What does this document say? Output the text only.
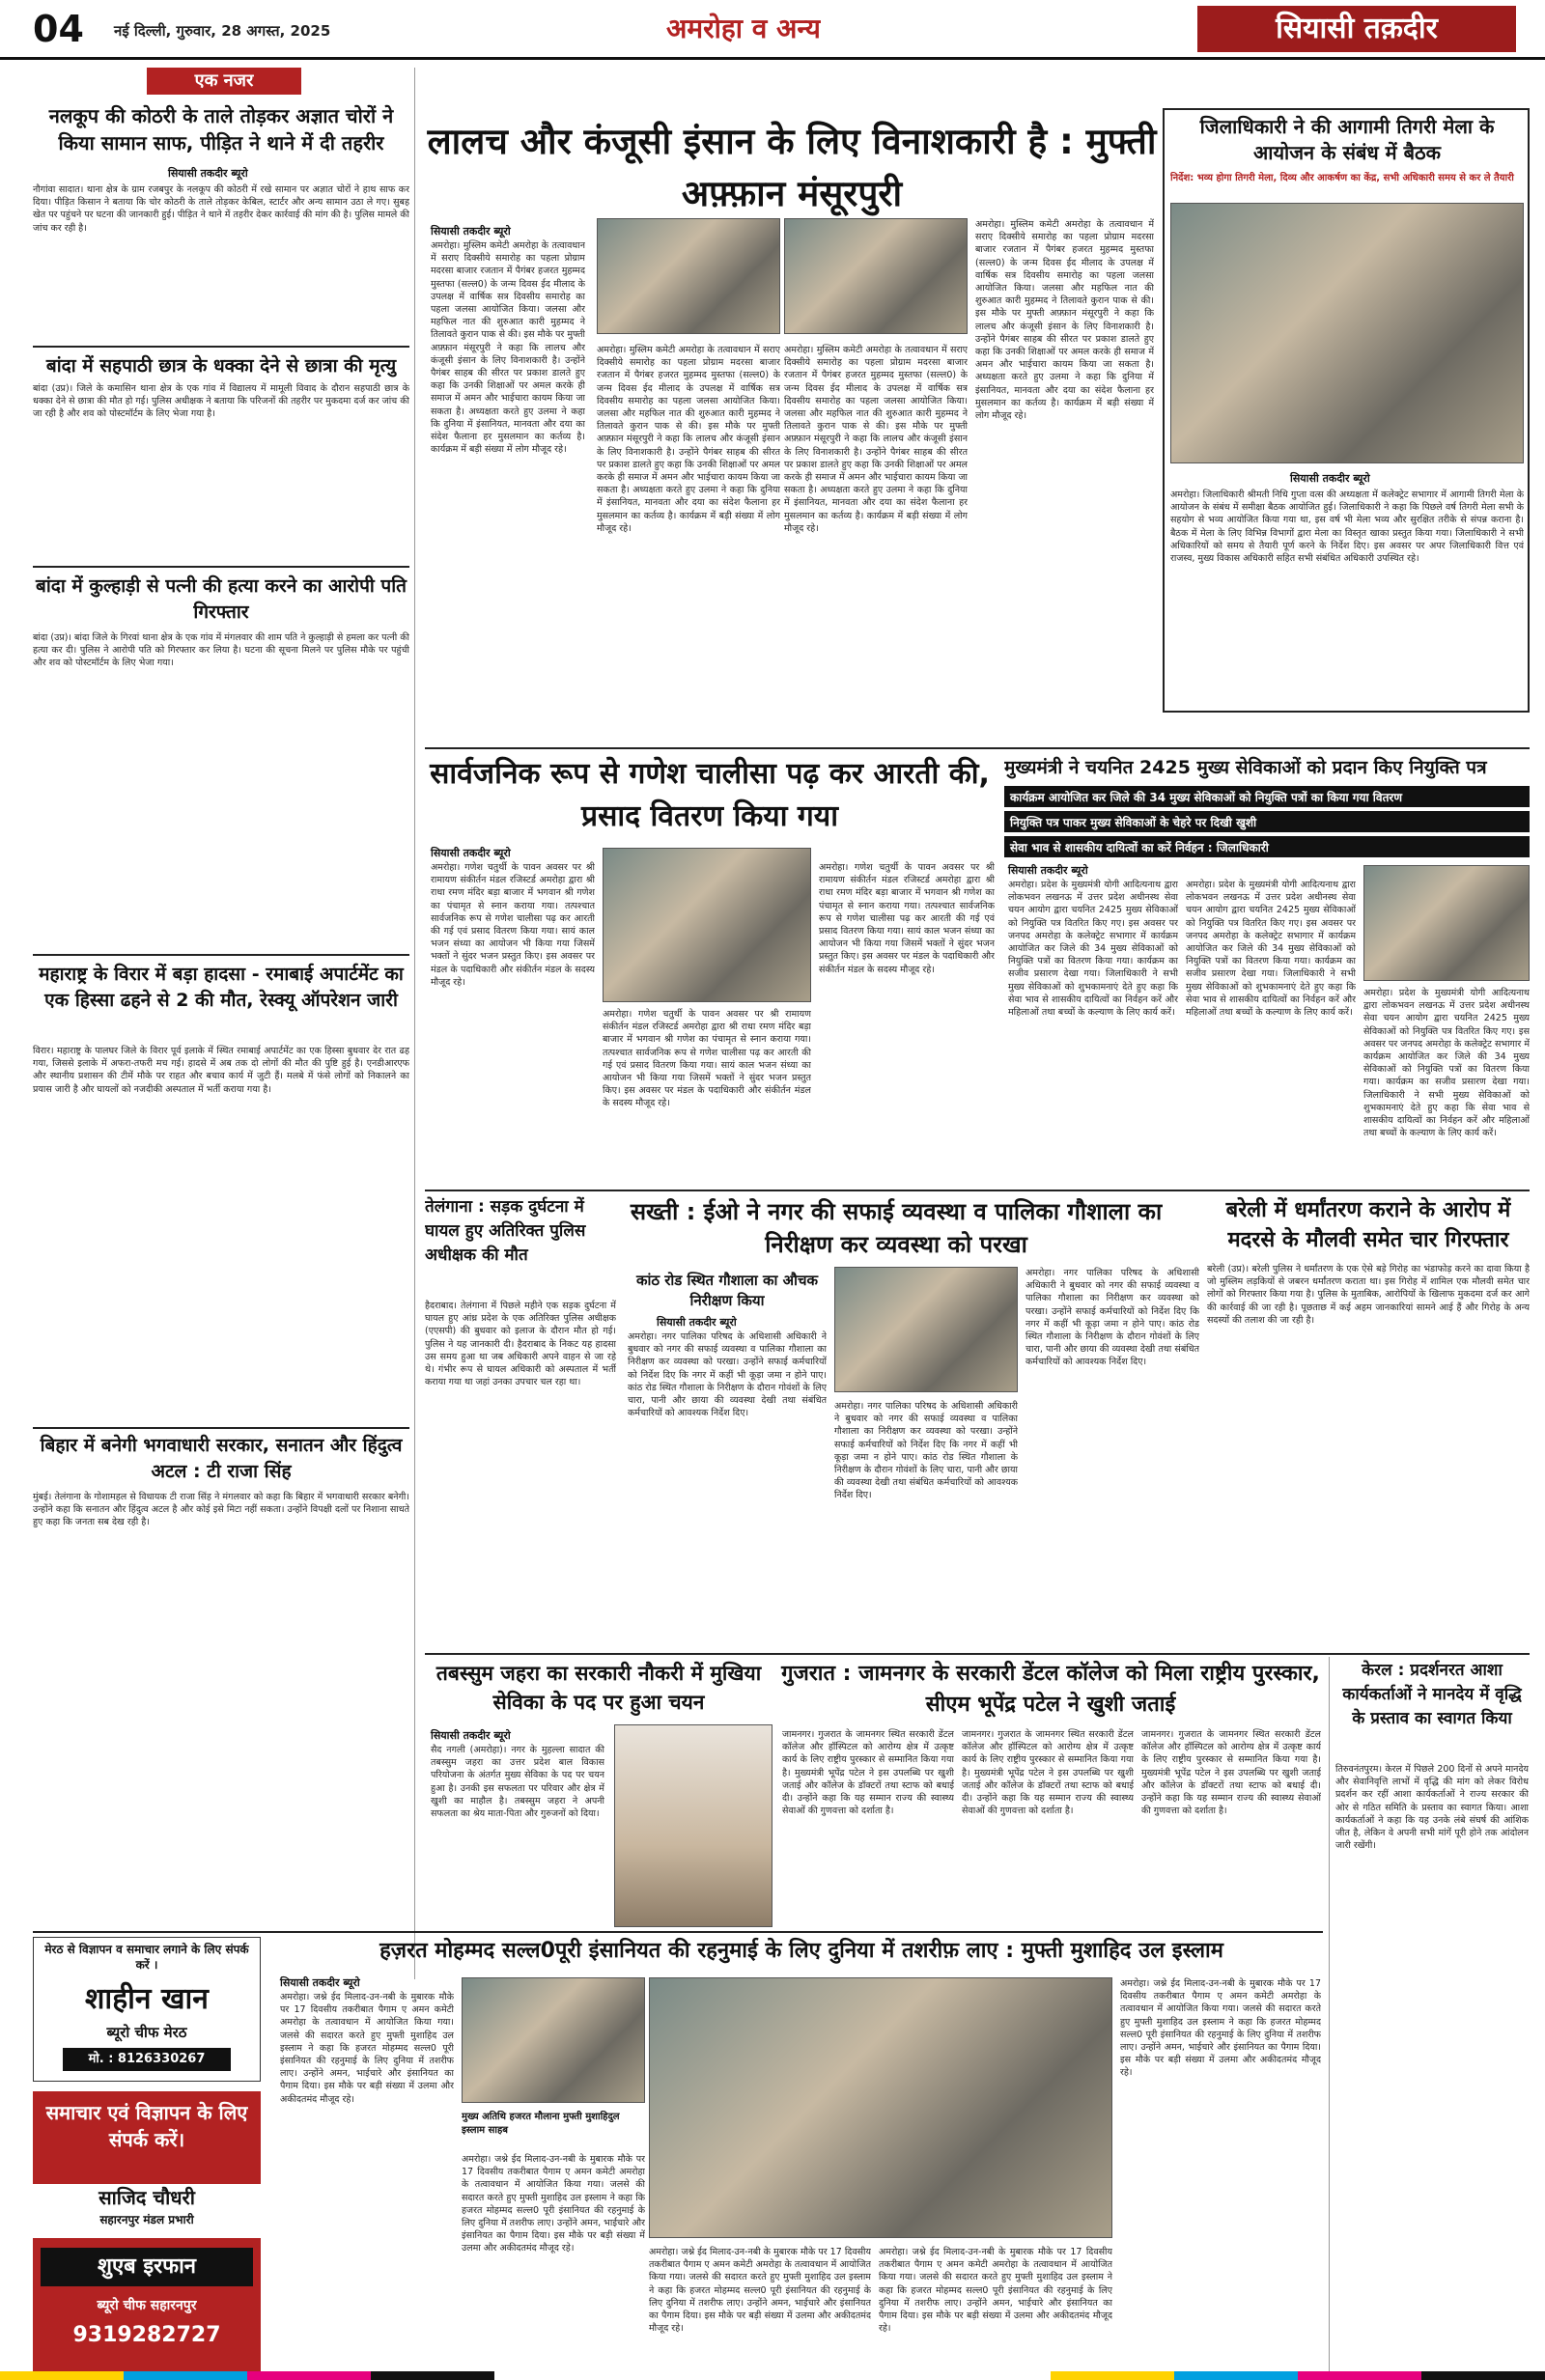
04 नई दिल्ली, गुरुवार, 28 अगस्त, 2025	अमरोहा व अन्य	सियासी तक़दीर
एक नजर
नलकूप की कोठरी के ताले तोड़कर अज्ञात चोरों ने किया सामान साफ, पीड़ित ने थाने में दी तहरीर
सियासी तकदीर ब्यूरो
नौगांवा सादात। थाना क्षेत्र के ग्राम रजबपुर के नलकूप की कोठरी में रखे सामान पर अज्ञात चोरों ने हाथ साफ कर दिया। पीड़ित किसान ने बताया कि चोर कोठरी के ताले तोड़कर केबिल, स्टार्टर और अन्य सामान उठा ले गए। सुबह खेत पर पहुंचने पर घटना की जानकारी हुई। पीड़ित ने थाने में तहरीर देकर कार्रवाई की मांग की है। पुलिस मामले की जांच कर रही है।
बांदा में सहपाठी छात्र के धक्का देने से छात्रा की मृत्यु
बांदा (उप्र)। जिले के कमासिन थाना क्षेत्र के एक गांव में विद्यालय में मामूली विवाद के दौरान सहपाठी छात्र के धक्का देने से छात्रा की मौत हो गई। पुलिस अधीक्षक ने बताया कि परिजनों की तहरीर पर मुकदमा दर्ज कर जांच की जा रही है और शव को पोस्टमॉर्टम के लिए भेजा गया है।
बांदा में कुल्हाड़ी से पत्नी की हत्या करने का आरोपी पति गिरफ्तार
बांदा (उप्र)। बांदा जिले के गिरवां थाना क्षेत्र के एक गांव में मंगलवार की शाम पति ने कुल्हाड़ी से हमला कर पत्नी की हत्या कर दी। पुलिस ने आरोपी पति को गिरफ्तार कर लिया है। घटना की सूचना मिलने पर पुलिस मौके पर पहुंची और शव को पोस्टमॉर्टम के लिए भेजा गया।
महाराष्ट्र के विरार में बड़ा हादसा - रमाबाई अपार्टमेंट का एक हिस्सा ढहने से 2 की मौत, रेस्क्यू ऑपरेशन जारी
विरार। महाराष्ट्र के पालघर जिले के विरार पूर्व इलाके में स्थित रमाबाई अपार्टमेंट का एक हिस्सा बुधवार देर रात ढह गया, जिससे इलाके में अफरा-तफरी मच गई। हादसे में अब तक दो लोगों की मौत की पुष्टि हुई है। एनडीआरएफ और स्थानीय प्रशासन की टीमें मौके पर राहत और बचाव कार्य में जुटी हैं। मलबे में फंसे लोगों को निकालने का प्रयास जारी है और घायलों को नजदीकी अस्पताल में भर्ती कराया गया है।
बिहार में बनेगी भगवाधारी सरकार, सनातन और हिंदुत्व अटल : टी राजा सिंह
मुंबई। तेलंगाना के गोशामहल से विधायक टी राजा सिंह ने मंगलवार को कहा कि बिहार में भगवाधारी सरकार बनेगी। उन्होंने कहा कि सनातन और हिंदुत्व अटल है और कोई इसे मिटा नहीं सकता। उन्होंने विपक्षी दलों पर निशाना साधते हुए कहा कि जनता सब देख रही है।
लालच और कंजूसी इंसान के लिए विनाशकारी है : मुफ्ती अफ़्फ़ान मंसूरपुरी
सियासी तकदीर ब्यूरो
अमरोहा। मुस्लिम कमेटी अमरोहा के तत्वावधान में सराए दिक्सीये समारोह का पहला प्रोग्राम मदरसा बाजार रजतान में पैगंबर हजरत मुहम्मद मुस्तफा (सल्ल0) के जन्म दिवस ईद मीलाद के उपलक्ष में वार्षिक सत्र दिवसीय समारोह का पहला जलसा आयोजित किया। जलसा और महफिल नात की शुरुआत कारी मुहम्मद ने तिलावते कुरान पाक से की। इस मौके पर मुफ्ती अफ़्फ़ान मंसूरपुरी ने कहा कि लालच और कंजूसी इंसान के लिए विनाशकारी है। उन्होंने पैगंबर साहब की सीरत पर प्रकाश डालते हुए कहा कि उनकी शिक्षाओं पर अमल करके ही समाज में अमन और भाईचारा कायम किया जा सकता है। अध्यक्षता करते हुए उलमा ने कहा कि दुनिया में इंसानियत, मानवता और दया का संदेश फैलाना हर मुसलमान का कर्तव्य है। कार्यक्रम में बड़ी संख्या में लोग मौजूद रहे।
अमरोहा। मुस्लिम कमेटी अमरोहा के तत्वावधान में सराए दिक्सीये समारोह का पहला प्रोग्राम मदरसा बाजार रजतान में पैगंबर हजरत मुहम्मद मुस्तफा (सल्ल0) के जन्म दिवस ईद मीलाद के उपलक्ष में वार्षिक सत्र दिवसीय समारोह का पहला जलसा आयोजित किया। जलसा और महफिल नात की शुरुआत कारी मुहम्मद ने तिलावते कुरान पाक से की। इस मौके पर मुफ्ती अफ़्फ़ान मंसूरपुरी ने कहा कि लालच और कंजूसी इंसान के लिए विनाशकारी है। उन्होंने पैगंबर साहब की सीरत पर प्रकाश डालते हुए कहा कि उनकी शिक्षाओं पर अमल करके ही समाज में अमन और भाईचारा कायम किया जा सकता है। अध्यक्षता करते हुए उलमा ने कहा कि दुनिया में इंसानियत, मानवता और दया का संदेश फैलाना हर मुसलमान का कर्तव्य है। कार्यक्रम में बड़ी संख्या में लोग मौजूद रहे।
अमरोहा। मुस्लिम कमेटी अमरोहा के तत्वावधान में सराए दिक्सीये समारोह का पहला प्रोग्राम मदरसा बाजार रजतान में पैगंबर हजरत मुहम्मद मुस्तफा (सल्ल0) के जन्म दिवस ईद मीलाद के उपलक्ष में वार्षिक सत्र दिवसीय समारोह का पहला जलसा आयोजित किया। जलसा और महफिल नात की शुरुआत कारी मुहम्मद ने तिलावते कुरान पाक से की। इस मौके पर मुफ्ती अफ़्फ़ान मंसूरपुरी ने कहा कि लालच और कंजूसी इंसान के लिए विनाशकारी है। उन्होंने पैगंबर साहब की सीरत पर प्रकाश डालते हुए कहा कि उनकी शिक्षाओं पर अमल करके ही समाज में अमन और भाईचारा कायम किया जा सकता है। अध्यक्षता करते हुए उलमा ने कहा कि दुनिया में इंसानियत, मानवता और दया का संदेश फैलाना हर मुसलमान का कर्तव्य है। कार्यक्रम में बड़ी संख्या में लोग मौजूद रहे।
अमरोहा। मुस्लिम कमेटी अमरोहा के तत्वावधान में सराए दिक्सीये समारोह का पहला प्रोग्राम मदरसा बाजार रजतान में पैगंबर हजरत मुहम्मद मुस्तफा (सल्ल0) के जन्म दिवस ईद मीलाद के उपलक्ष में वार्षिक सत्र दिवसीय समारोह का पहला जलसा आयोजित किया। जलसा और महफिल नात की शुरुआत कारी मुहम्मद ने तिलावते कुरान पाक से की। इस मौके पर मुफ्ती अफ़्फ़ान मंसूरपुरी ने कहा कि लालच और कंजूसी इंसान के लिए विनाशकारी है। उन्होंने पैगंबर साहब की सीरत पर प्रकाश डालते हुए कहा कि उनकी शिक्षाओं पर अमल करके ही समाज में अमन और भाईचारा कायम किया जा सकता है। अध्यक्षता करते हुए उलमा ने कहा कि दुनिया में इंसानियत, मानवता और दया का संदेश फैलाना हर मुसलमान का कर्तव्य है। कार्यक्रम में बड़ी संख्या में लोग मौजूद रहे।
जिलाधिकारी ने की आगामी तिगरी मेला के आयोजन के संबंध में बैठक
निर्देश: भव्य होगा तिगरी मेला, दिव्य और आकर्षण का केंद्र, सभी अधिकारी समय से कर ले तैयारी
सियासी तकदीर ब्यूरो
अमरोहा। जिलाधिकारी श्रीमती निधि गुप्ता वत्स की अध्यक्षता में कलेक्ट्रेट सभागार में आगामी तिगरी मेला के आयोजन के संबंध में समीक्षा बैठक आयोजित हुई। जिलाधिकारी ने कहा कि पिछले वर्ष तिगरी मेला सभी के सहयोग से भव्य आयोजित किया गया था, इस वर्ष भी मेला भव्य और सुरक्षित तरीके से संपन्न कराना है। बैठक में मेला के लिए विभिन्न विभागों द्वारा मेला का विस्तृत खाका प्रस्तुत किया गया। जिलाधिकारी ने सभी अधिकारियों को समय से तैयारी पूर्ण करने के निर्देश दिए। इस अवसर पर अपर जिलाधिकारी वित्त एवं राजस्व, मुख्य विकास अधिकारी सहित सभी संबंधित अधिकारी उपस्थित रहे।
सार्वजनिक रूप से गणेश चालीसा पढ़ कर आरती की, प्रसाद वितरण किया गया
सियासी तकदीर ब्यूरो
अमरोहा। गणेश चतुर्थी के पावन अवसर पर श्री रामायण संकीर्तन मंडल रजिस्टर्ड अमरोहा द्वारा श्री राधा रमण मंदिर बड़ा बाजार में भगवान श्री गणेश का पंचामृत से स्नान कराया गया। तत्पश्चात सार्वजनिक रूप से गणेश चालीसा पढ़ कर आरती की गई एवं प्रसाद वितरण किया गया। सायं काल भजन संध्या का आयोजन भी किया गया जिसमें भक्तों ने सुंदर भजन प्रस्तुत किए। इस अवसर पर मंडल के पदाधिकारी और संकीर्तन मंडल के सदस्य मौजूद रहे।
अमरोहा। गणेश चतुर्थी के पावन अवसर पर श्री रामायण संकीर्तन मंडल रजिस्टर्ड अमरोहा द्वारा श्री राधा रमण मंदिर बड़ा बाजार में भगवान श्री गणेश का पंचामृत से स्नान कराया गया। तत्पश्चात सार्वजनिक रूप से गणेश चालीसा पढ़ कर आरती की गई एवं प्रसाद वितरण किया गया। सायं काल भजन संध्या का आयोजन भी किया गया जिसमें भक्तों ने सुंदर भजन प्रस्तुत किए। इस अवसर पर मंडल के पदाधिकारी और संकीर्तन मंडल के सदस्य मौजूद रहे।
अमरोहा। गणेश चतुर्थी के पावन अवसर पर श्री रामायण संकीर्तन मंडल रजिस्टर्ड अमरोहा द्वारा श्री राधा रमण मंदिर बड़ा बाजार में भगवान श्री गणेश का पंचामृत से स्नान कराया गया। तत्पश्चात सार्वजनिक रूप से गणेश चालीसा पढ़ कर आरती की गई एवं प्रसाद वितरण किया गया। सायं काल भजन संध्या का आयोजन भी किया गया जिसमें भक्तों ने सुंदर भजन प्रस्तुत किए। इस अवसर पर मंडल के पदाधिकारी और संकीर्तन मंडल के सदस्य मौजूद रहे।
मुख्यमंत्री ने चयनित 2425 मुख्य सेविकाओं को प्रदान किए नियुक्ति पत्र
कार्यक्रम आयोजित कर जिले की 34 मुख्य सेविकाओं को नियुक्ति पत्रों का किया गया वितरण
नियुक्ति पत्र पाकर मुख्य सेविकाओं के चेहरे पर दिखी खुशी
सेवा भाव से शासकीय दायित्वों का करें निर्वहन : जिलाधिकारी
सियासी तकदीर ब्यूरो
अमरोहा। प्रदेश के मुख्यमंत्री योगी आदित्यनाथ द्वारा लोकभवन लखनऊ में उत्तर प्रदेश अधीनस्थ सेवा चयन आयोग द्वारा चयनित 2425 मुख्य सेविकाओं को नियुक्ति पत्र वितरित किए गए। इस अवसर पर जनपद अमरोहा के कलेक्ट्रेट सभागार में कार्यक्रम आयोजित कर जिले की 34 मुख्य सेविकाओं को नियुक्ति पत्रों का वितरण किया गया। कार्यक्रम का सजीव प्रसारण देखा गया। जिलाधिकारी ने सभी मुख्य सेविकाओं को शुभकामनाएं देते हुए कहा कि सेवा भाव से शासकीय दायित्वों का निर्वहन करें और महिलाओं तथा बच्चों के कल्याण के लिए कार्य करें।
अमरोहा। प्रदेश के मुख्यमंत्री योगी आदित्यनाथ द्वारा लोकभवन लखनऊ में उत्तर प्रदेश अधीनस्थ सेवा चयन आयोग द्वारा चयनित 2425 मुख्य सेविकाओं को नियुक्ति पत्र वितरित किए गए। इस अवसर पर जनपद अमरोहा के कलेक्ट्रेट सभागार में कार्यक्रम आयोजित कर जिले की 34 मुख्य सेविकाओं को नियुक्ति पत्रों का वितरण किया गया। कार्यक्रम का सजीव प्रसारण देखा गया। जिलाधिकारी ने सभी मुख्य सेविकाओं को शुभकामनाएं देते हुए कहा कि सेवा भाव से शासकीय दायित्वों का निर्वहन करें और महिलाओं तथा बच्चों के कल्याण के लिए कार्य करें।
अमरोहा। प्रदेश के मुख्यमंत्री योगी आदित्यनाथ द्वारा लोकभवन लखनऊ में उत्तर प्रदेश अधीनस्थ सेवा चयन आयोग द्वारा चयनित 2425 मुख्य सेविकाओं को नियुक्ति पत्र वितरित किए गए। इस अवसर पर जनपद अमरोहा के कलेक्ट्रेट सभागार में कार्यक्रम आयोजित कर जिले की 34 मुख्य सेविकाओं को नियुक्ति पत्रों का वितरण किया गया। कार्यक्रम का सजीव प्रसारण देखा गया। जिलाधिकारी ने सभी मुख्य सेविकाओं को शुभकामनाएं देते हुए कहा कि सेवा भाव से शासकीय दायित्वों का निर्वहन करें और महिलाओं तथा बच्चों के कल्याण के लिए कार्य करें।
तेलंगाना : सड़क दुर्घटना में घायल हुए अतिरिक्त पुलिस अधीक्षक की मौत
हैदराबाद। तेलंगाना में पिछले महीने एक सड़क दुर्घटना में घायल हुए आंध्र प्रदेश के एक अतिरिक्त पुलिस अधीक्षक (एएसपी) की बुधवार को इलाज के दौरान मौत हो गई। पुलिस ने यह जानकारी दी। हैदराबाद के निकट यह हादसा उस समय हुआ था जब अधिकारी अपने वाहन से जा रहे थे। गंभीर रूप से घायल अधिकारी को अस्पताल में भर्ती कराया गया था जहां उनका उपचार चल रहा था।
सख्ती : ईओ ने नगर की सफाई व्यवस्था व पालिका गौशाला का निरीक्षण कर व्यवस्था को परखा
कांठ रोड स्थित गौशाला का औचक निरीक्षण किया
सियासी तकदीर ब्यूरो
अमरोहा। नगर पालिका परिषद के अधिशासी अधिकारी ने बुधवार को नगर की सफाई व्यवस्था व पालिका गौशाला का निरीक्षण कर व्यवस्था को परखा। उन्होंने सफाई कर्मचारियों को निर्देश दिए कि नगर में कहीं भी कूड़ा जमा न होने पाए। कांठ रोड स्थित गौशाला के निरीक्षण के दौरान गोवंशों के लिए चारा, पानी और छाया की व्यवस्था देखी तथा संबंधित कर्मचारियों को आवश्यक निर्देश दिए।
अमरोहा। नगर पालिका परिषद के अधिशासी अधिकारी ने बुधवार को नगर की सफाई व्यवस्था व पालिका गौशाला का निरीक्षण कर व्यवस्था को परखा। उन्होंने सफाई कर्मचारियों को निर्देश दिए कि नगर में कहीं भी कूड़ा जमा न होने पाए। कांठ रोड स्थित गौशाला के निरीक्षण के दौरान गोवंशों के लिए चारा, पानी और छाया की व्यवस्था देखी तथा संबंधित कर्मचारियों को आवश्यक निर्देश दिए।
अमरोहा। नगर पालिका परिषद के अधिशासी अधिकारी ने बुधवार को नगर की सफाई व्यवस्था व पालिका गौशाला का निरीक्षण कर व्यवस्था को परखा। उन्होंने सफाई कर्मचारियों को निर्देश दिए कि नगर में कहीं भी कूड़ा जमा न होने पाए। कांठ रोड स्थित गौशाला के निरीक्षण के दौरान गोवंशों के लिए चारा, पानी और छाया की व्यवस्था देखी तथा संबंधित कर्मचारियों को आवश्यक निर्देश दिए।
बरेली में धर्मांतरण कराने के आरोप में मदरसे के मौलवी समेत चार गिरफ्तार
बरेली (उप्र)। बरेली पुलिस ने धर्मांतरण के एक ऐसे बड़े गिरोह का भंडाफोड़ करने का दावा किया है जो मुस्लिम लड़कियों से जबरन धर्मांतरण कराता था। इस गिरोह में शामिल एक मौलवी समेत चार लोगों को गिरफ्तार किया गया है। पुलिस के मुताबिक, आरोपियों के खिलाफ मुकदमा दर्ज कर आगे की कार्रवाई की जा रही है। पूछताछ में कई अहम जानकारियां सामने आई हैं और गिरोह के अन्य सदस्यों की तलाश की जा रही है।
तबस्सुम जहरा का सरकारी नौकरी में मुखिया सेविका के पद पर हुआ चयन
सियासी तकदीर ब्यूरो
सैद नगली (अमरोहा)। नगर के मुहल्ला सादात की तबस्सुम जहरा का उत्तर प्रदेश बाल विकास परियोजना के अंतर्गत मुख्य सेविका के पद पर चयन हुआ है। उनकी इस सफलता पर परिवार और क्षेत्र में खुशी का माहौल है। तबस्सुम जहरा ने अपनी सफलता का श्रेय माता-पिता और गुरुजनों को दिया।
गुजरात : जामनगर के सरकारी डेंटल कॉलेज को मिला राष्ट्रीय पुरस्कार, सीएम भूपेंद्र पटेल ने खुशी जताई
जामनगर। गुजरात के जामनगर स्थित सरकारी डेंटल कॉलेज और हॉस्पिटल को आरोग्य क्षेत्र में उत्कृष्ट कार्य के लिए राष्ट्रीय पुरस्कार से सम्मानित किया गया है। मुख्यमंत्री भूपेंद्र पटेल ने इस उपलब्धि पर खुशी जताई और कॉलेज के डॉक्टरों तथा स्टाफ को बधाई दी। उन्होंने कहा कि यह सम्मान राज्य की स्वास्थ्य सेवाओं की गुणवत्ता को दर्शाता है।
जामनगर। गुजरात के जामनगर स्थित सरकारी डेंटल कॉलेज और हॉस्पिटल को आरोग्य क्षेत्र में उत्कृष्ट कार्य के लिए राष्ट्रीय पुरस्कार से सम्मानित किया गया है। मुख्यमंत्री भूपेंद्र पटेल ने इस उपलब्धि पर खुशी जताई और कॉलेज के डॉक्टरों तथा स्टाफ को बधाई दी। उन्होंने कहा कि यह सम्मान राज्य की स्वास्थ्य सेवाओं की गुणवत्ता को दर्शाता है।
जामनगर। गुजरात के जामनगर स्थित सरकारी डेंटल कॉलेज और हॉस्पिटल को आरोग्य क्षेत्र में उत्कृष्ट कार्य के लिए राष्ट्रीय पुरस्कार से सम्मानित किया गया है। मुख्यमंत्री भूपेंद्र पटेल ने इस उपलब्धि पर खुशी जताई और कॉलेज के डॉक्टरों तथा स्टाफ को बधाई दी। उन्होंने कहा कि यह सम्मान राज्य की स्वास्थ्य सेवाओं की गुणवत्ता को दर्शाता है।
केरल : प्रदर्शनरत आशा कार्यकर्ताओं ने मानदेय में वृद्धि के प्रस्ताव का स्वागत किया
तिरुवनंतपुरम। केरल में पिछले 200 दिनों से अपने मानदेय और सेवानिवृत्ति लाभों में वृद्धि की मांग को लेकर विरोध प्रदर्शन कर रहीं आशा कार्यकर्ताओं ने राज्य सरकार की ओर से गठित समिति के प्रस्ताव का स्वागत किया। आशा कार्यकर्ताओं ने कहा कि यह उनके लंबे संघर्ष की आंशिक जीत है, लेकिन वे अपनी सभी मांगें पूरी होने तक आंदोलन जारी रखेंगी।
हज़रत मोहम्मद सल्ल0पूरी इंसानियत की रहनुमाई के लिए दुनिया में तशरीफ़ लाए : मुफ्ती मुशाहिद उल इस्लाम
सियासी तकदीर ब्यूरो
अमरोहा। जश्ने ईद मिलाद-उन-नबी के मुबारक मौके पर 17 दिवसीय तकरीबात पैगाम ए अमन कमेटी अमरोहा के तत्वावधान में आयोजित किया गया। जलसे की सदारत करते हुए मुफ्ती मुशाहिद उल इस्लाम ने कहा कि हजरत मोहम्मद सल्ल0 पूरी इंसानियत की रहनुमाई के लिए दुनिया में तशरीफ लाए। उन्होंने अमन, भाईचारे और इंसानियत का पैगाम दिया। इस मौके पर बड़ी संख्या में उलमा और अकीदतमंद मौजूद रहे।
मुख्य अतिथि हजरत मौलाना मुफ्ती मुशाहिदुल इस्लाम साहब
अमरोहा। जश्ने ईद मिलाद-उन-नबी के मुबारक मौके पर 17 दिवसीय तकरीबात पैगाम ए अमन कमेटी अमरोहा के तत्वावधान में आयोजित किया गया। जलसे की सदारत करते हुए मुफ्ती मुशाहिद उल इस्लाम ने कहा कि हजरत मोहम्मद सल्ल0 पूरी इंसानियत की रहनुमाई के लिए दुनिया में तशरीफ लाए। उन्होंने अमन, भाईचारे और इंसानियत का पैगाम दिया। इस मौके पर बड़ी संख्या में उलमा और अकीदतमंद मौजूद रहे।	अमरोहा। जश्ने ईद मिलाद-उन-नबी के मुबारक मौके पर 17 दिवसीय तकरीबात पैगाम ए अमन कमेटी अमरोहा के तत्वावधान में आयोजित किया गया। जलसे की सदारत करते हुए मुफ्ती मुशाहिद उल इस्लाम ने कहा कि हजरत मोहम्मद सल्ल0 पूरी इंसानियत की रहनुमाई के लिए दुनिया में तशरीफ लाए। उन्होंने अमन, भाईचारे और इंसानियत का पैगाम दिया। इस मौके पर बड़ी संख्या में उलमा और अकीदतमंद मौजूद रहे।
अमरोहा। जश्ने ईद मिलाद-उन-नबी के मुबारक मौके पर 17 दिवसीय तकरीबात पैगाम ए अमन कमेटी अमरोहा के तत्वावधान में आयोजित किया गया। जलसे की सदारत करते हुए मुफ्ती मुशाहिद उल इस्लाम ने कहा कि हजरत मोहम्मद सल्ल0 पूरी इंसानियत की रहनुमाई के लिए दुनिया में तशरीफ लाए। उन्होंने अमन, भाईचारे और इंसानियत का पैगाम दिया। इस मौके पर बड़ी संख्या में उलमा और अकीदतमंद मौजूद रहे।
अमरोहा। जश्ने ईद मिलाद-उन-नबी के मुबारक मौके पर 17 दिवसीय तकरीबात पैगाम ए अमन कमेटी अमरोहा के तत्वावधान में आयोजित किया गया। जलसे की सदारत करते हुए मुफ्ती मुशाहिद उल इस्लाम ने कहा कि हजरत मोहम्मद सल्ल0 पूरी इंसानियत की रहनुमाई के लिए दुनिया में तशरीफ लाए। उन्होंने अमन, भाईचारे और इंसानियत का पैगाम दिया। इस मौके पर बड़ी संख्या में उलमा और अकीदतमंद मौजूद रहे।
मेरठ से विज्ञापन व समाचार लगाने के लिए संपर्क करें ।
शाहीन खान
ब्यूरो चीफ मेरठ
मो. : 8126330267
समाचार एवं विज्ञापन के लिए संपर्क करें।
साजिद चौधरी
सहारनपुर मंडल प्रभारी
शुएब इरफान
ब्यूरो चीफ सहारनपुर
9319282727
